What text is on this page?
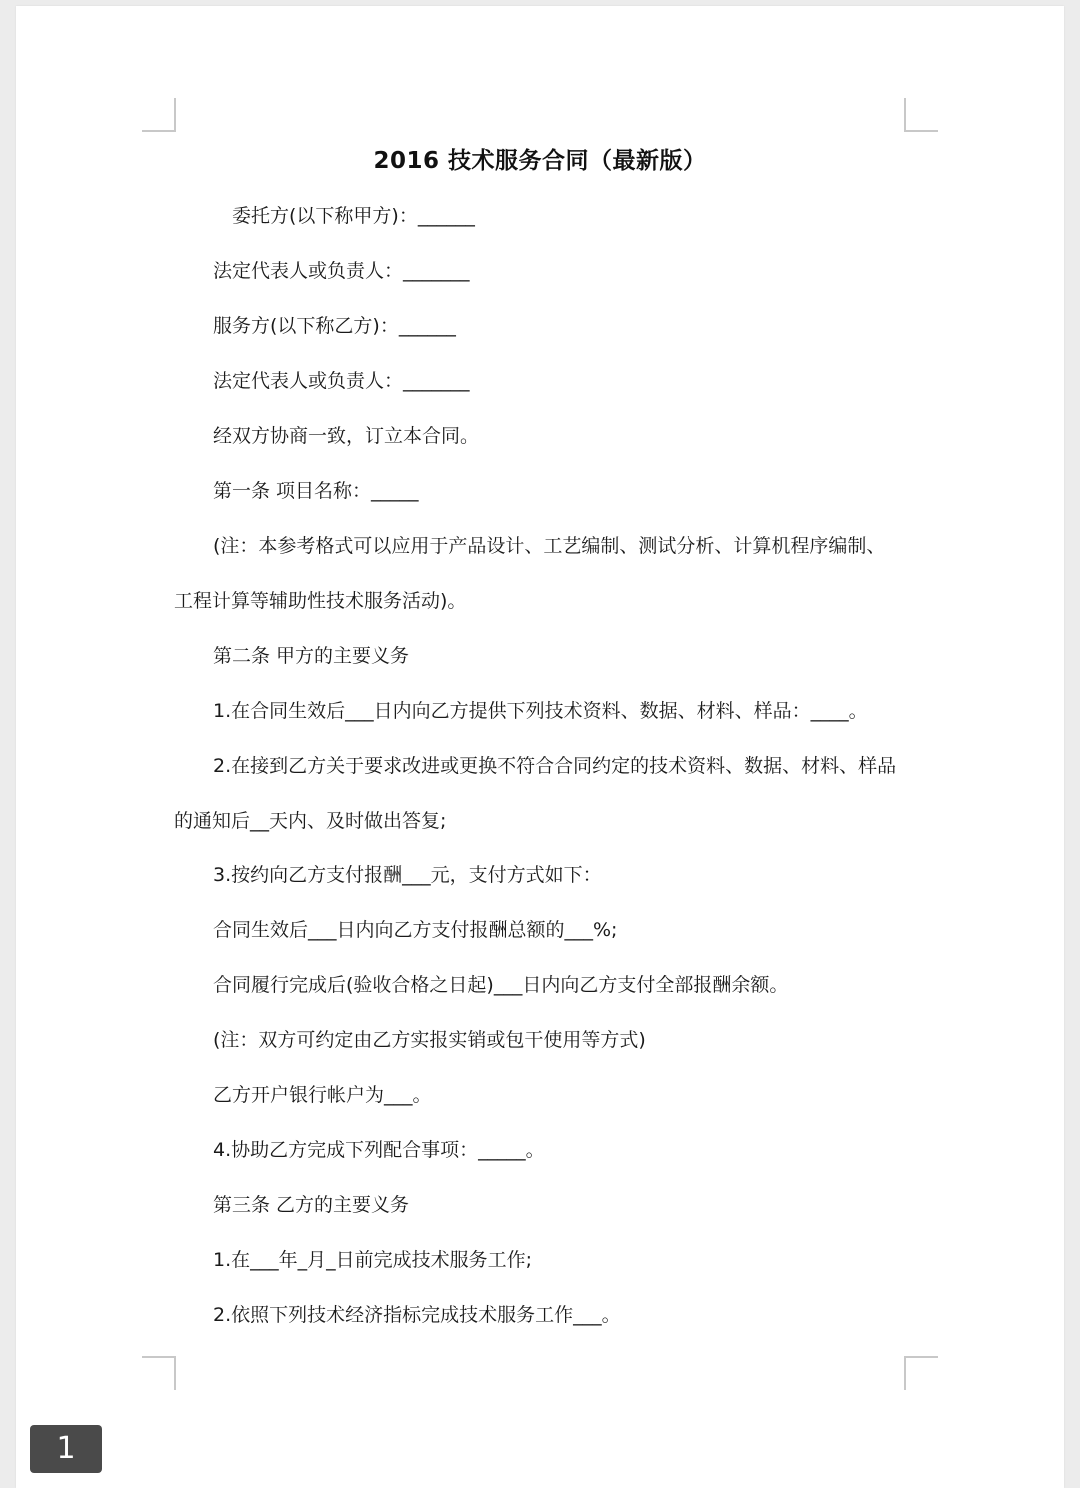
2016 技术服务合同（最新版）
委托方(以下称甲方)：______
法定代表人或负责人：_______
服务方(以下称乙方)：______
法定代表人或负责人：_______
经双方协商一致，订立本合同。
第一条 项目名称：_____
(注：本参考格式可以应用于产品设计、工艺编制、测试分析、计算机程序编制、
工程计算等辅助性技术服务活动)。
第二条 甲方的主要义务
1.在合同生效后___日内向乙方提供下列技术资料、数据、材料、样品：____。
2.在接到乙方关于要求改进或更换不符合合同约定的技术资料、数据、材料、样品
的通知后__天内、及时做出答复;
3.按约向乙方支付报酬___元，支付方式如下：
合同生效后___日内向乙方支付报酬总额的___%;
合同履行完成后(验收合格之日起)___日内向乙方支付全部报酬余额。
(注：双方可约定由乙方实报实销或包干使用等方式)
乙方开户银行帐户为___。
4.协助乙方完成下列配合事项：_____。
第三条 乙方的主要义务
1.在___年_月_日前完成技术服务工作;
2.依照下列技术经济指标完成技术服务工作___。
1
